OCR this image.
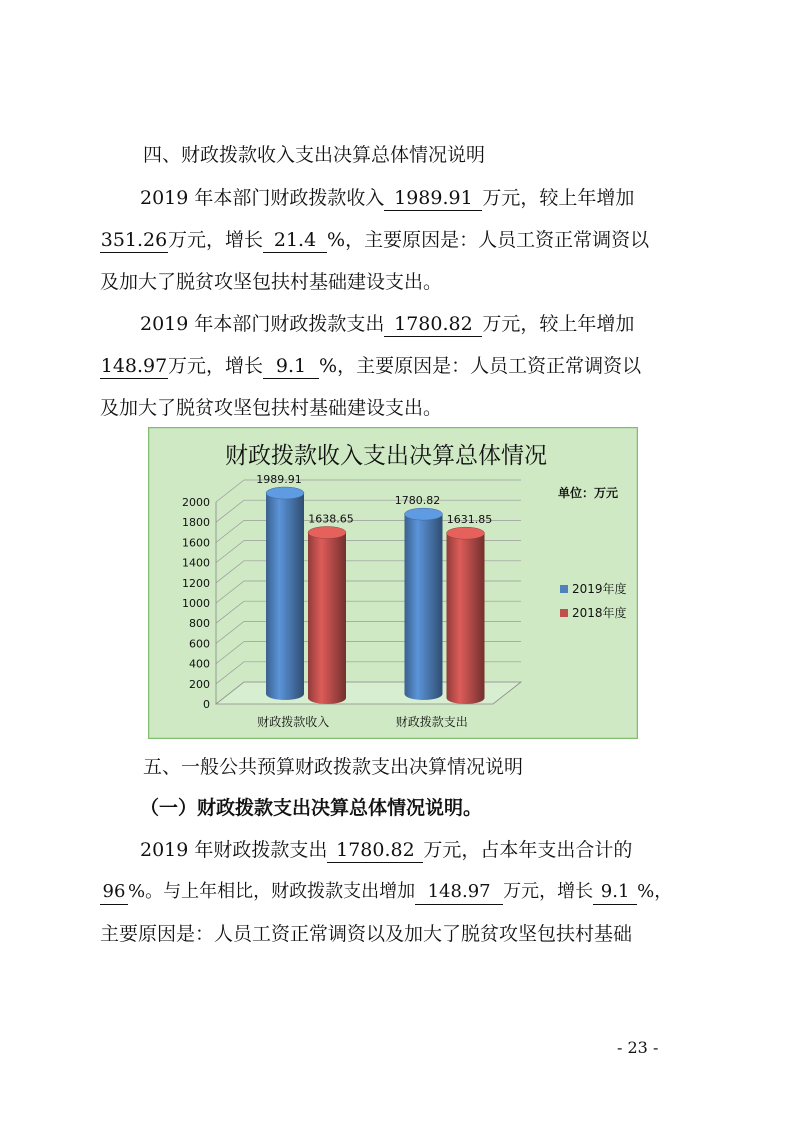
四、财政拨款收入支出决算总体情况说明
2019 年本部门财政拨款收入 1989.91 万元，较上年增加
351.26万元，增长 21.4 %，主要原因是：人员工资正常调资以
及加大了脱贫攻坚包扶村基础建设支出。
2019 年本部门财政拨款支出 1780.82 万元，较上年增加
148.97万元，增长 9.1 %，主要原因是：人员工资正常调资以
及加大了脱贫攻坚包扶村基础建设支出。
财政拨款收入支出决算总体情况
单位：万元
0
200
400
600
800
1000
1200
1400
1600
1800
2000
1989.91
1638.65
财政拨款收入
1780.82
1631.85
财政拨款支出
2019年度
2018年度
五、一般公共预算财政拨款支出决算情况说明
（一）财政拨款支出决算总体情况说明。
2019 年财政拨款支出 1780.82 万元，占本年支出合计的
96 %。与上年相比，财政拨款支出增加 148.97 万元，增长 9.1 %，
主要原因是：人员工资正常调资以及加大了脱贫攻坚包扶村基础
- 23 -
